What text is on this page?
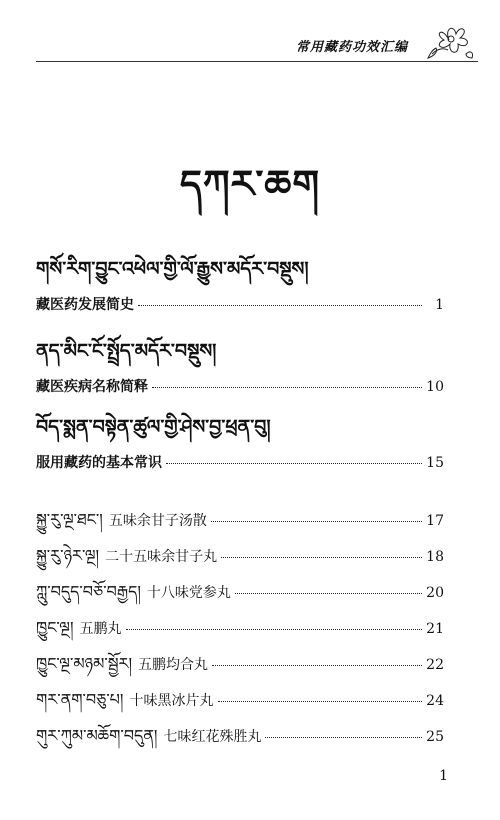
常用藏药功效汇编
དཀར་ཆག
གསོ་རིག་བྱུང་འཕེལ་གྱི་ལོ་རྒྱུས་མདོར་བསྡུས།
藏医药发展简史	1
ནད་མིང་ངོ་སྤྲོད་མདོར་བསྡུས།
藏医疾病名称简释	10
བོད་སྨན་བསྟེན་ཚུལ་གྱི་ཤེས་བྱ་ཕྲན་བུ།
服用藏药的基本常识	15
སྐྱུ་རུ་ལྔ་ཐང་། 五味余甘子汤散	17
སྐྱུ་རུ་ཉེར་ལྔ། 二十五味余甘子丸	18
ཀླུ་བདུད་བཅོ་བརྒྱད། 十八味党参丸	20
ཁྱུང་ལྔ། 五鹏丸	21
ཁྱུང་ལྔ་མཉམ་སྦྱོར། 五鹏均合丸	22
གར་ནག་བཅུ་པ། 十味黑冰片丸	24
གུར་ཀུམ་མཆོག་བདུན། 七味红花殊胜丸	25
1
